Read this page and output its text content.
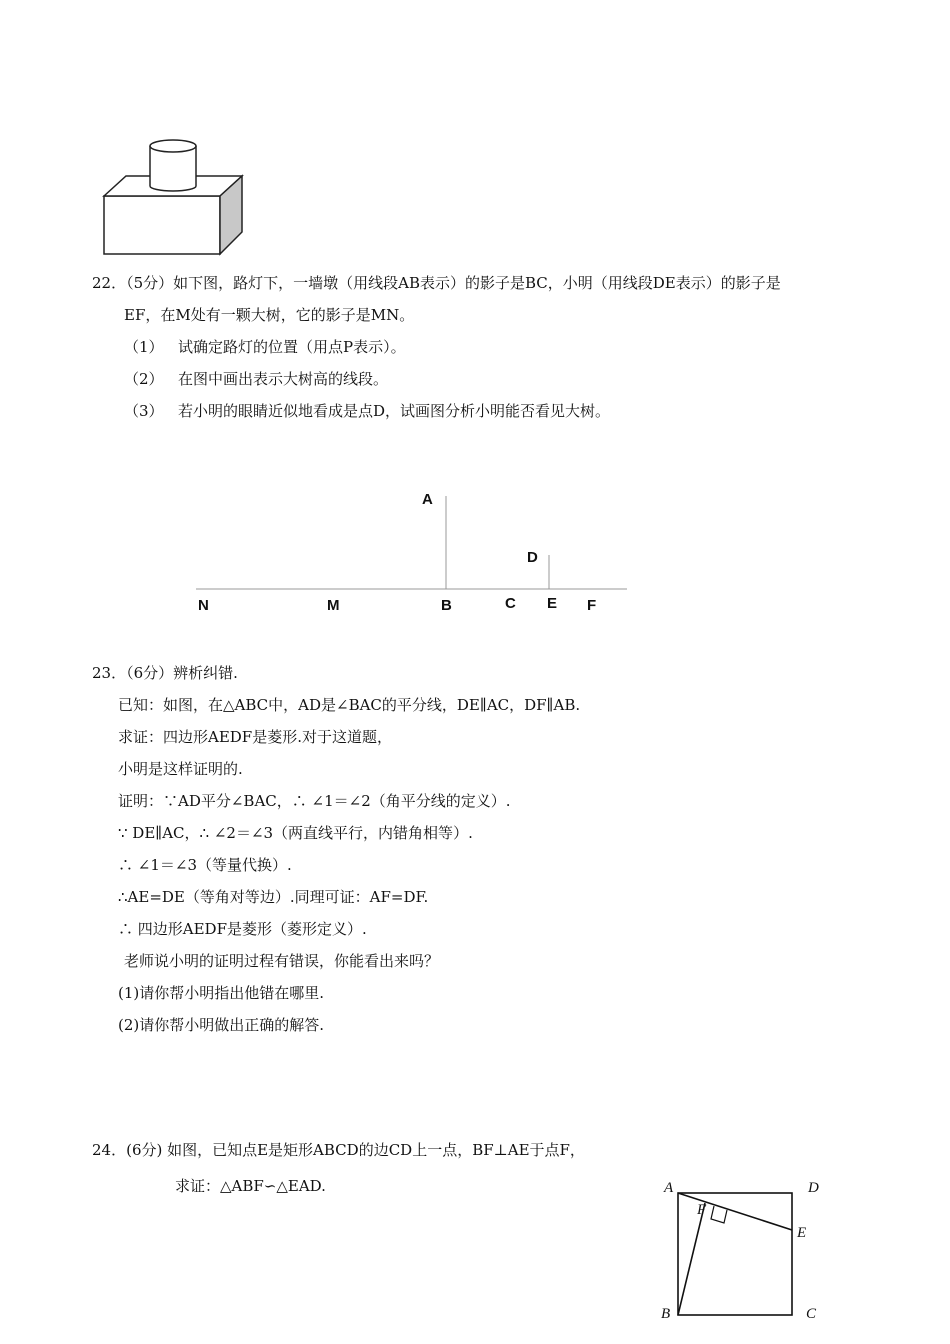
22．（5分）如下图，路灯下，一墙墩（用线段AB表示）的影子是BC，小明（用线段DE表示）的影子是
EF，在M处有一颗大树，它的影子是MN。
（1） 试确定路灯的位置（用点P表示）。
（2） 在图中画出表示大树高的线段。
（3） 若小明的眼睛近似地看成是点D，试画图分析小明能否看见大树。
A
D
N	M	B	C E F
23．（6分）辨析纠错.
已知：如图，在△ABC中，AD是∠BAC的平分线，DE∥AC，DF∥AB.
求证：四边形AEDF是菱形.对于这道题，
小明是这样证明的.
证明：∵AD平分∠BAC，∴ ∠1＝∠2（角平分线的定义）.
∵ DE∥AC，∴ ∠2＝∠3（两直线平行，内错角相等）.
∴ ∠1＝∠3（等量代换）.
∴AE=DE（等角对等边）.同理可证：AF=DF.
∴ 四边形AEDF是菱形（菱形定义）.
老师说小明的证明过程有错误，你能看出来吗？
(1)请你帮小明指出他错在哪里.
(2)请你帮小明做出正确的解答.
24．(6分) 如图，已知点E是矩形ABCD的边CD上一点，BF⊥AE于点F，
求证：△ABF∽△EAD.	A	D
F
E
B	C
